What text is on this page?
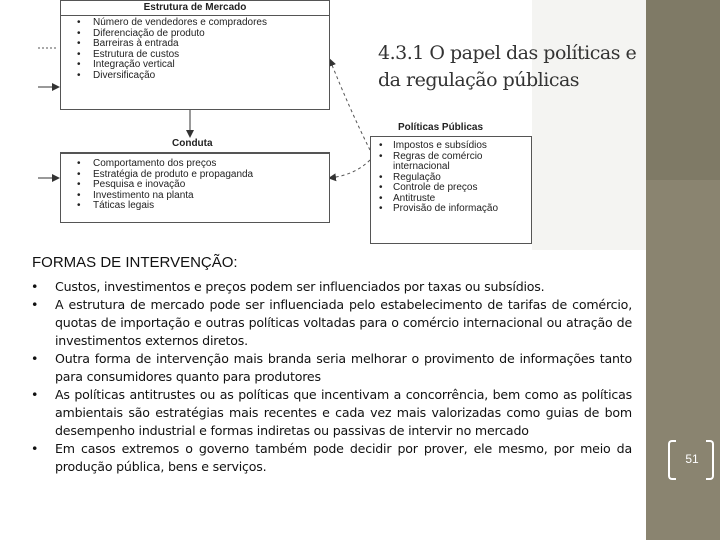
51
Estrutura de Mercado
• Número de vendedores e compradores
• Diferenciação de produto
• Barreiras à entrada
• Estrutura de custos
• Integração vertical
• Diversificação
Conduta
• Comportamento dos preços
• Estratégia de produto e propaganda
• Pesquisa e inovação
• Investimento na planta
• Táticas legais
Políticas Públicas
• Impostos e subsídios
• Regras de comércio internacional
• Regulação
• Controle de preços
• Antitruste
• Provisão de informação
4.3.1 O papel das políticas e da regulação públicas
FORMAS DE INTERVENÇÃO:
• Custos, investimentos e preços podem ser influenciados por taxas ou subsídios.
• A estrutura de mercado pode ser influenciada pelo estabelecimento de tarifas de comércio, quotas de importação e outras políticas voltadas para o comércio internacional ou atração de investimentos externos diretos.
• Outra forma de intervenção mais branda seria melhorar o provimento de informações tanto para consumidores quanto para produtores
• As políticas antitrustes ou as políticas que incentivam a concorrência, bem como as políticas ambientais são estratégias mais recentes e cada vez mais valorizadas como guias de bom desempenho industrial e formas indiretas ou passivas de intervir no mercado
• Em casos extremos o governo também pode decidir por prover, ele mesmo, por meio da produção pública, bens e serviços.
